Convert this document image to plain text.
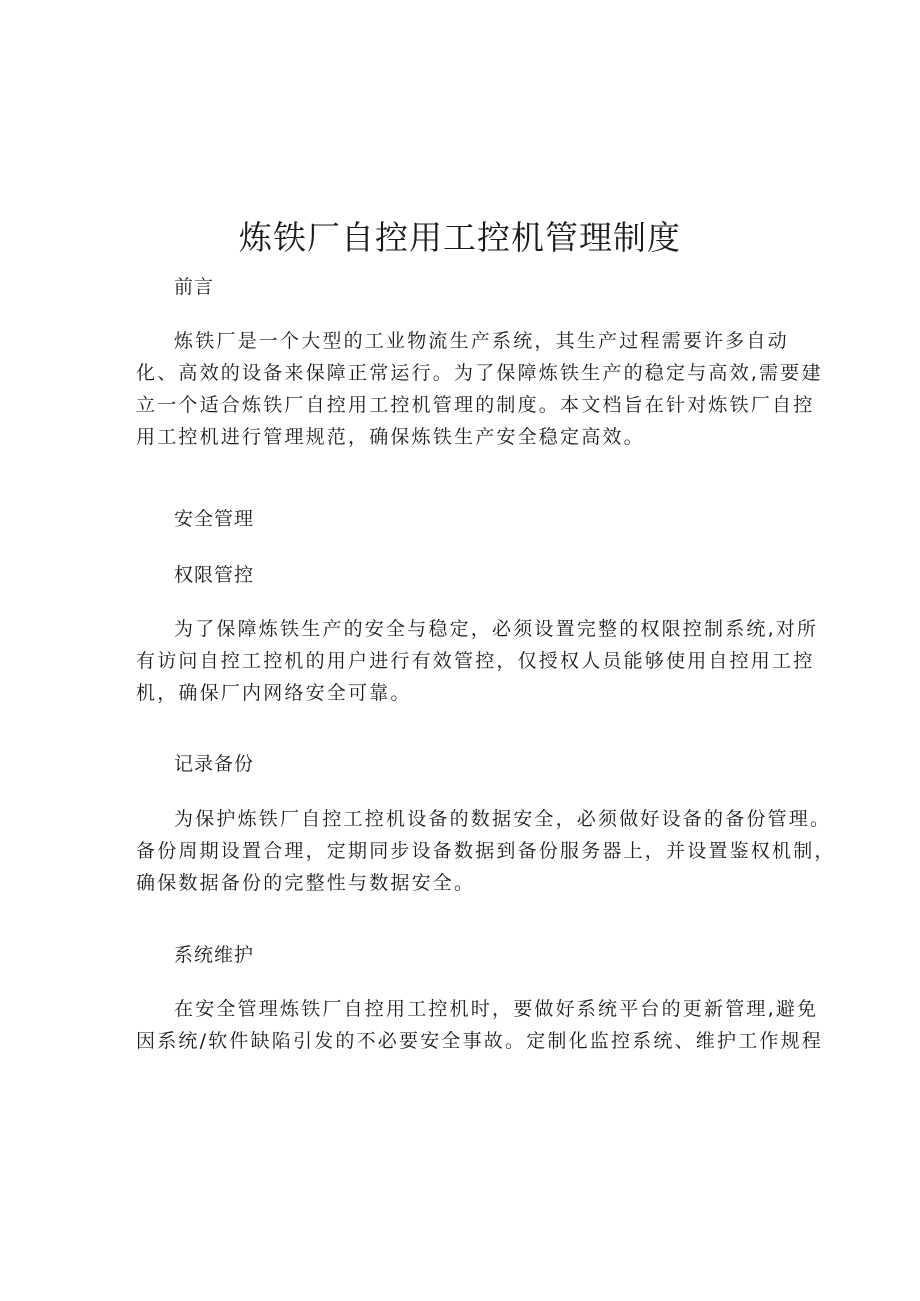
炼铁厂自控用工控机管理制度

前言

炼铁厂是一个大型的工业物流生产系统，其生产过程需要许多自动
化、高效的设备来保障正常运行。为了保障炼铁生产的稳定与高效,需要建
立一个适合炼铁厂自控用工控机管理的制度。本文档旨在针对炼铁厂自控
用工控机进行管理规范，确保炼铁生产安全稳定高效。

安全管理

权限管控

为了保障炼铁生产的安全与稳定，必须设置完整的权限控制系统,对所
有访问自控工控机的用户进行有效管控，仅授权人员能够使用自控用工控
机，确保厂内网络安全可靠。

记录备份

为保护炼铁厂自控工控机设备的数据安全，必须做好设备的备份管理。
备份周期设置合理，定期同步设备数据到备份服务器上，并设置鉴权机制，
确保数据备份的完整性与数据安全。

系统维护

在安全管理炼铁厂自控用工控机时，要做好系统平台的更新管理,避免
因系统/软件缺陷引发的不必要安全事故。定制化监控系统、维护工作规程
